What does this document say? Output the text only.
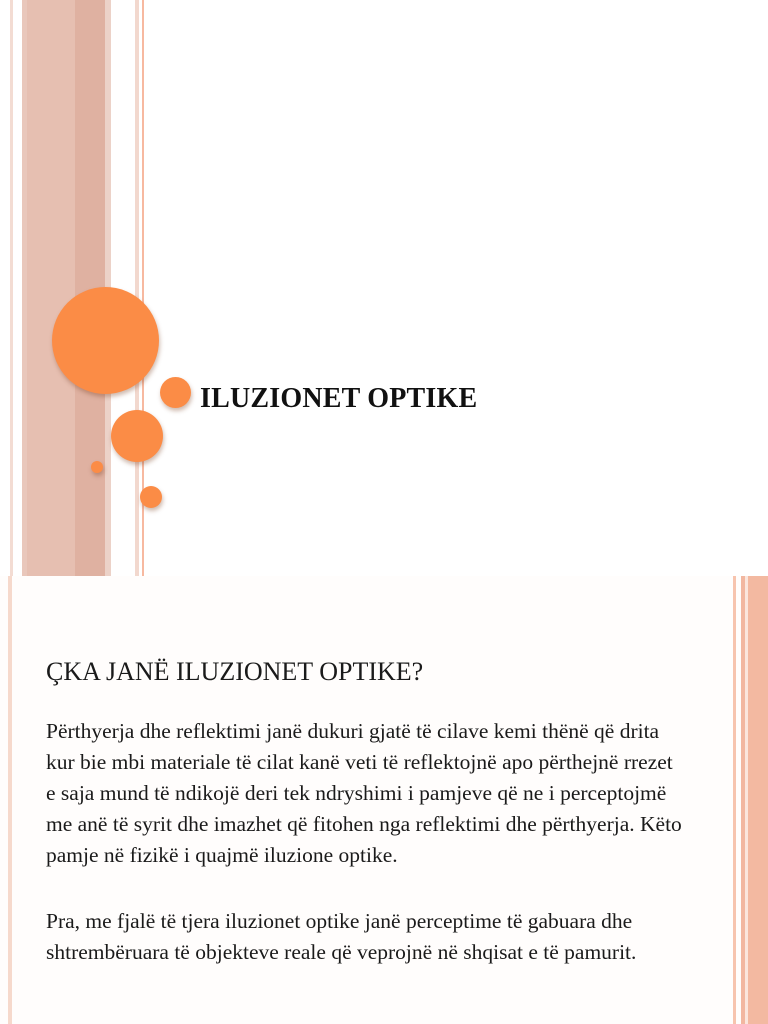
ILUZIONET OPTIKE
ÇKA JANË ILUZIONET OPTIKE?

Përthyerja dhe reflektimi janë dukuri gjatë të cilave kemi thënë që drita kur bie mbi materiale të cilat kanë veti të reflektojnë apo përthejnë rrezet e saja mund të ndikojë deri tek ndryshimi i pamjeve që ne i perceptojmë me anë të syrit dhe imazhet që fitohen nga reflektimi dhe përthyerja. Këto pamje në fizikë i quajmë iluzione optike.

Pra, me fjalë të tjera iluzionet optike janë perceptime të gabuara dhe shtrembëruara të objekteve reale që veprojnë në shqisat e të pamurit.
